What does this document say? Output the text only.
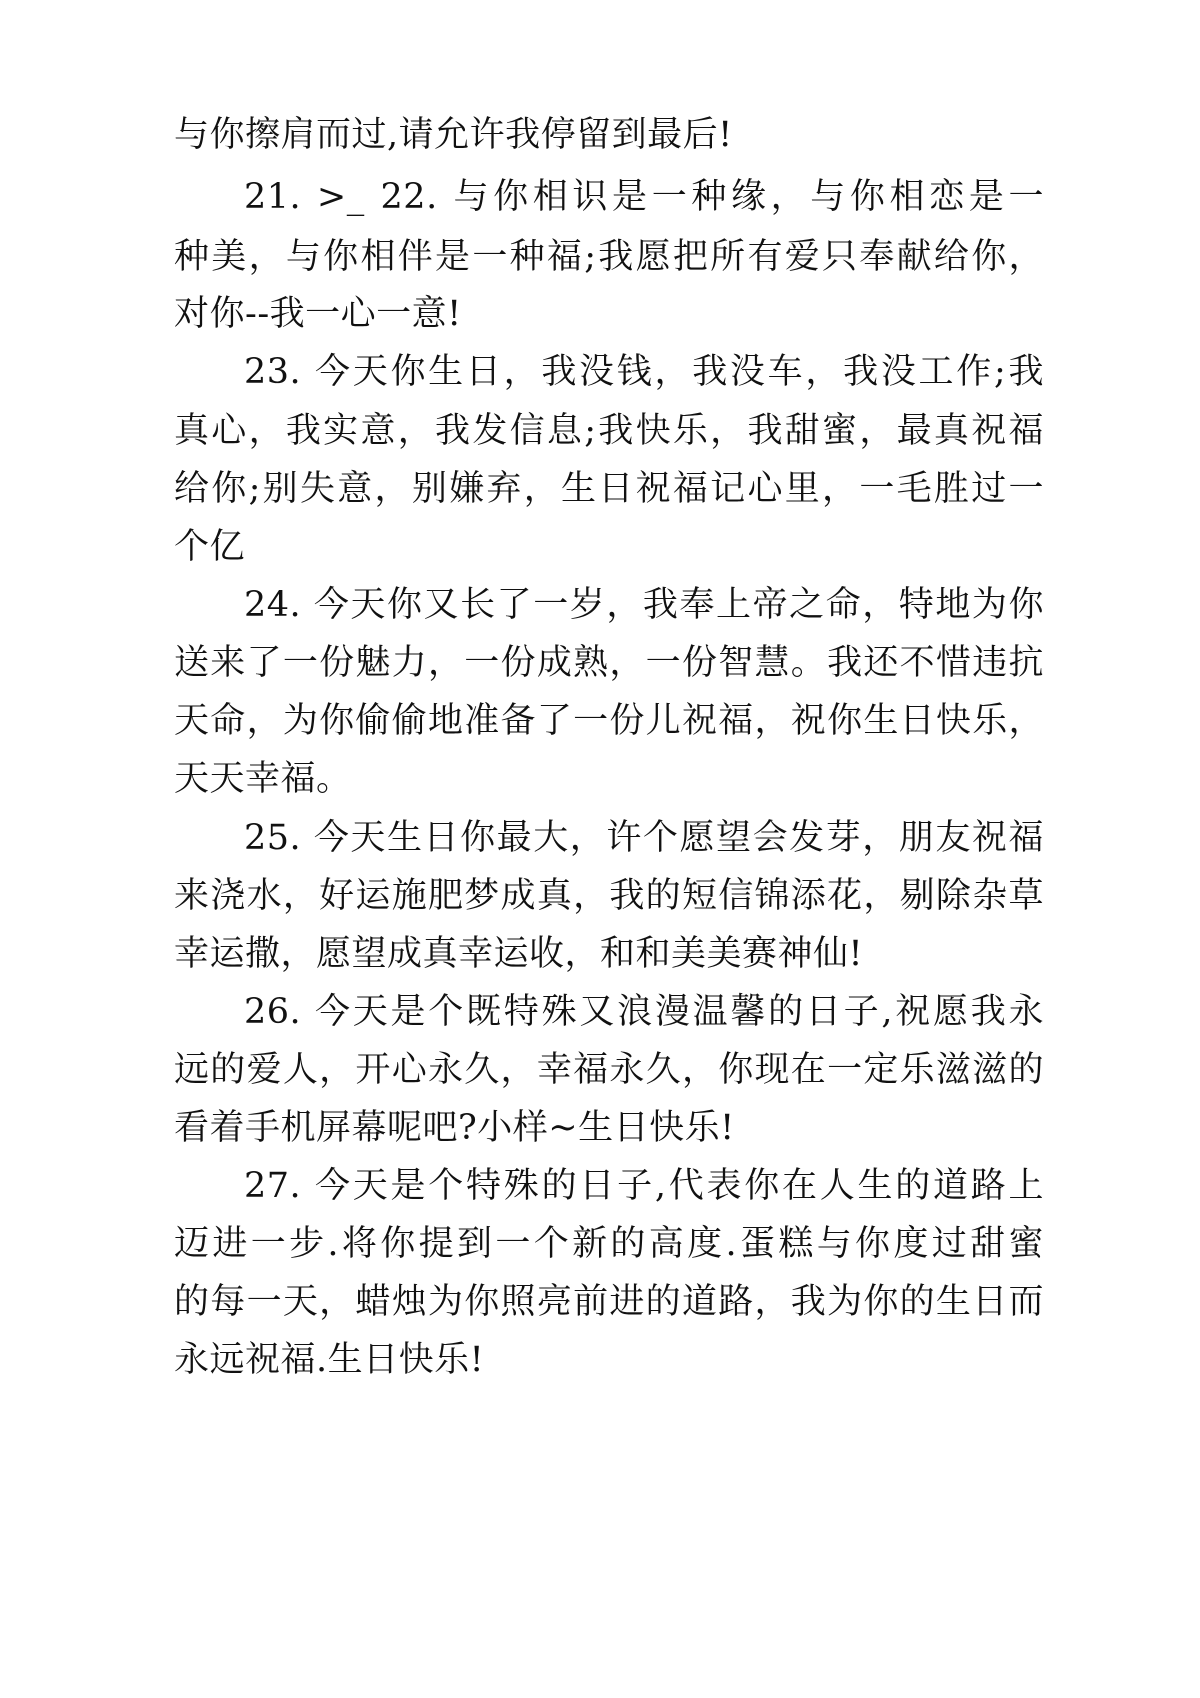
与你擦肩而过,请允许我停留到最后!
21. >_ 22. 与你相识是一种缘，与你相恋是一
种美，与你相伴是一种福;我愿把所有爱只奉献给你，
对你--我一心一意!
23. 今天你生日，我没钱，我没车，我没工作;我
真心，我实意，我发信息;我快乐，我甜蜜，最真祝福
给你;别失意，别嫌弃，生日祝福记心里，一毛胜过一
个亿
24. 今天你又长了一岁，我奉上帝之命，特地为你
送来了一份魅力，一份成熟，一份智慧。我还不惜违抗
天命，为你偷偷地准备了一份儿祝福，祝你生日快乐，
天天幸福。
25. 今天生日你最大，许个愿望会发芽，朋友祝福
来浇水，好运施肥梦成真，我的短信锦添花，剔除杂草
幸运撒，愿望成真幸运收，和和美美赛神仙!
26. 今天是个既特殊又浪漫温馨的日子,祝愿我永
远的爱人，开心永久，幸福永久，你现在一定乐滋滋的
看着手机屏幕呢吧?小样~生日快乐!
27. 今天是个特殊的日子,代表你在人生的道路上
迈进一步.将你提到一个新的高度.蛋糕与你度过甜蜜
的每一天，蜡烛为你照亮前进的道路，我为你的生日而
永远祝福.生日快乐!
